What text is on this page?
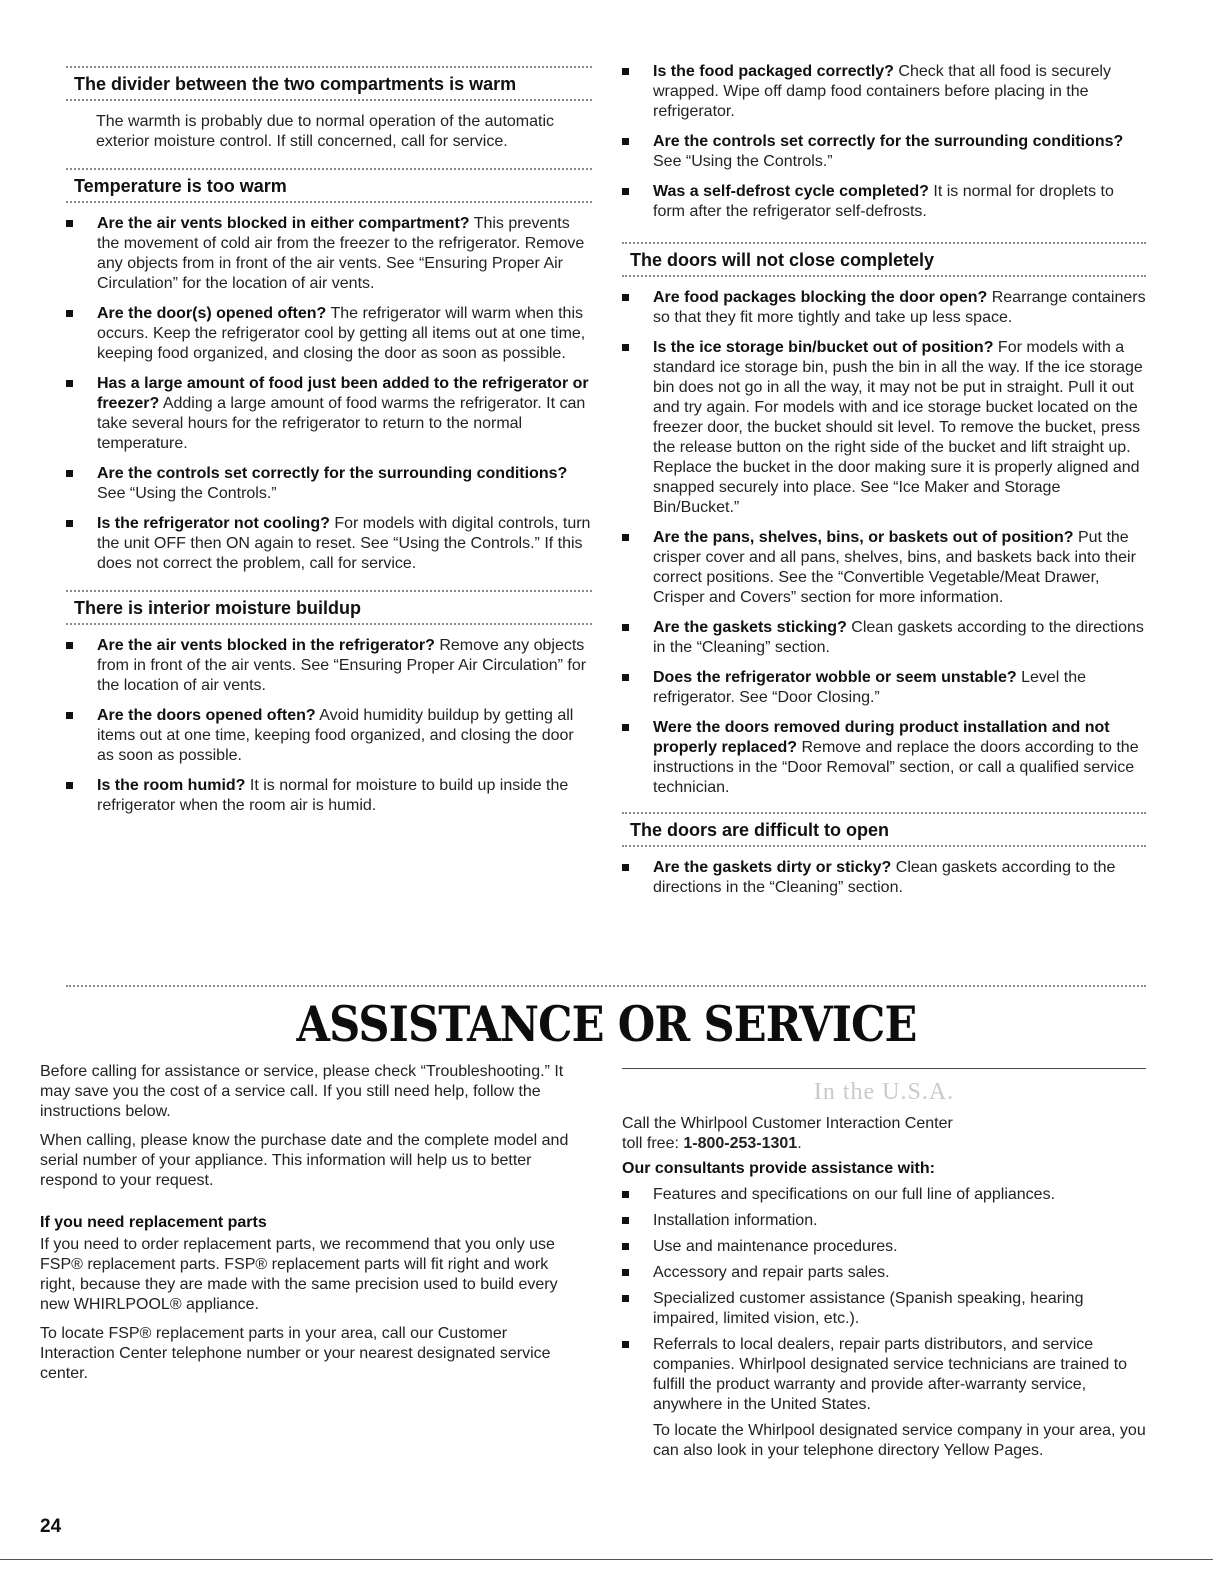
The divider between the two compartments is warm

The warmth is probably due to normal operation of the automatic exterior moisture control. If still concerned, call for service.

Temperature is too warm
Are the air vents blocked in either compartment? This prevents the movement of cold air from the freezer to the refrigerator. Remove any objects from in front of the air vents. See “Ensuring Proper Air Circulation” for the location of air vents.
Are the door(s) opened often? The refrigerator will warm when this occurs. Keep the refrigerator cool by getting all items out at one time, keeping food organized, and closing the door as soon as possible.
Has a large amount of food just been added to the refrigerator or freezer? Adding a large amount of food warms the refrigerator. It can take several hours for the refrigerator to return to the normal temperature.
Are the controls set correctly for the surrounding conditions? See “Using the Controls.”
Is the refrigerator not cooling? For models with digital controls, turn the unit OFF then ON again to reset. See “Using the Controls.” If this does not correct the problem, call for service.
There is interior moisture buildup
Are the air vents blocked in the refrigerator? Remove any objects from in front of the air vents. See “Ensuring Proper Air Circulation” for the location of air vents.
Are the doors opened often? Avoid humidity buildup by getting all items out at one time, keeping food organized, and closing the door as soon as possible.
Is the room humid? It is normal for moisture to build up inside the refrigerator when the room air is humid.
Is the food packaged correctly? Check that all food is securely wrapped. Wipe off damp food containers before placing in the refrigerator.
Are the controls set correctly for the surrounding conditions? See “Using the Controls.”
Was a self-defrost cycle completed? It is normal for droplets to form after the refrigerator self-defrosts.
The doors will not close completely
Are food packages blocking the door open? Rearrange containers so that they fit more tightly and take up less space.
Is the ice storage bin/bucket out of position? For models with a standard ice storage bin, push the bin in all the way. If the ice storage bin does not go in all the way, it may not be put in straight. Pull it out and try again. For models with and ice storage bucket located on the freezer door, the bucket should sit level. To remove the bucket, press the release button on the right side of the bucket and lift straight up. Replace the bucket in the door making sure it is properly aligned and snapped securely into place. See “Ice Maker and Storage Bin/Bucket.”
Are the pans, shelves, bins, or baskets out of position? Put the crisper cover and all pans, shelves, bins, and baskets back into their correct positions. See the “Convertible Vegetable/Meat Drawer, Crisper and Covers” section for more information.
Are the gaskets sticking? Clean gaskets according to the directions in the “Cleaning” section.
Does the refrigerator wobble or seem unstable? Level the refrigerator. See “Door Closing.”
Were the doors removed during product installation and not properly replaced? Remove and replace the doors according to the instructions in the “Door Removal” section, or call a qualified service technician.
The doors are difficult to open
Are the gaskets dirty or sticky? Clean gaskets according to the directions in the “Cleaning” section.
ASSISTANCE OR SERVICE

Before calling for assistance or service, please check “Troubleshooting.” It may save you the cost of a service call. If you still need help, follow the instructions below.

When calling, please know the purchase date and the complete model and serial number of your appliance. This information will help us to better respond to your request.

If you need replacement parts

If you need to order replacement parts, we recommend that you only use FSP® replacement parts. FSP® replacement parts will fit right and work right, because they are made with the same precision used to build every new WHIRLPOOL® appliance.

To locate FSP® replacement parts in your area, call our Customer Interaction Center telephone number or your nearest designated service center.

In the U.S.A.

Call the Whirlpool Customer Interaction Center

toll free: 1-800-253-1301.

Our consultants provide assistance with:

Features and specifications on our full line of appliances.
Installation information.
Use and maintenance procedures.
Accessory and repair parts sales.
Specialized customer assistance (Spanish speaking, hearing impaired, limited vision, etc.).
Referrals to local dealers, repair parts distributors, and service companies. Whirlpool designated service technicians are trained to fulfill the product warranty and provide after-warranty service, anywhere in the United States.

To locate the Whirlpool designated service company in your area, you can also look in your telephone directory Yellow Pages.

24
